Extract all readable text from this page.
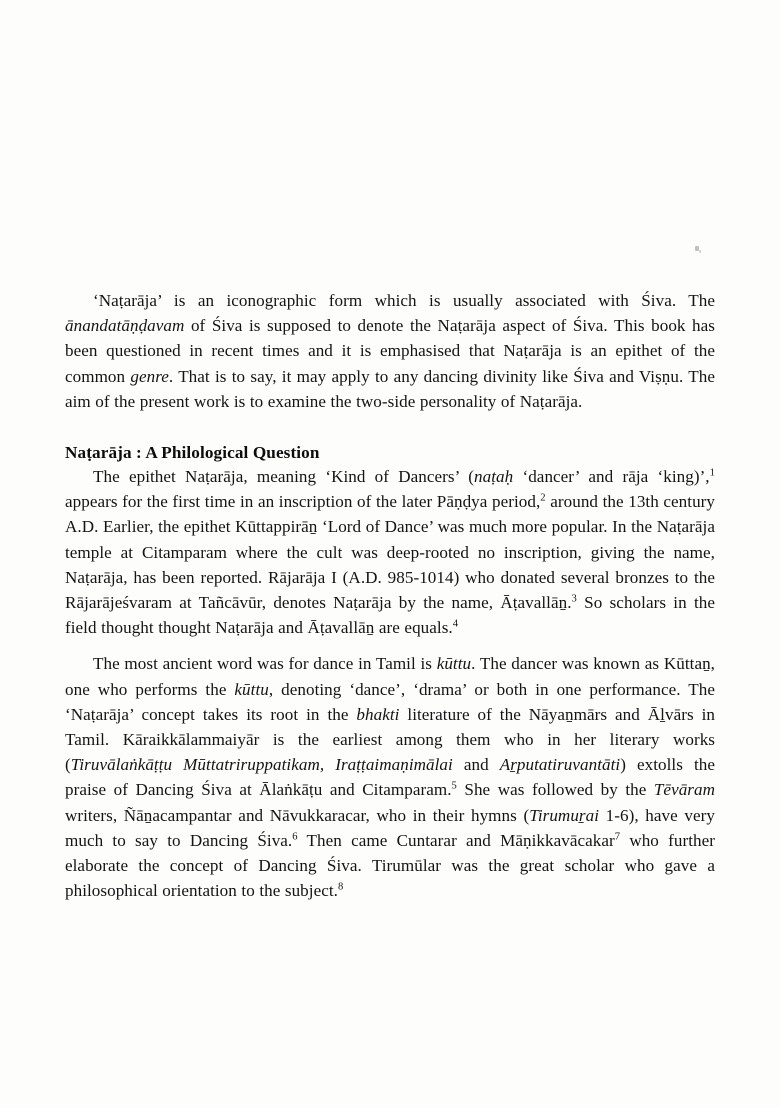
‘Naṭarāja’ is an iconographic form which is usually associated with Śiva. The ānandatāṇḍavam of Śiva is supposed to denote the Naṭarāja aspect of Śiva. This book has been questioned in recent times and it is emphasised that Naṭarāja is an epithet of the common genre. That is to say, it may apply to any dancing divinity like Śiva and Viṣṇu. The aim of the present work is to examine the two-side personality of Naṭarāja.

Naṭarāja : A Philological Question

The epithet Naṭarāja, meaning ‘Kind of Dancers’ (naṭaḥ ‘dancer’ and rāja ‘king)’,$^1$ appears for the first time in an inscription of the later Pāṇḍya period,$^2$ around the 13th century A.D. Earlier, the epithet Kūttappirāṉ ‘Lord of Dance’ was much more popular. In the Naṭarāja temple at Citamparam where the cult was deep-rooted no inscription, giving the name, Naṭarāja, has been reported. Rājarāja I (A.D. 985-1014) who donated several bronzes to the Rājarājeśvaram at Tañcāvūr, denotes Naṭarāja by the name, Āṭavallāṉ.$^3$ So scholars in the field thought thought Naṭarāja and Āṭavallāṉ are equals.$^4$

The most ancient word was for dance in Tamil is kūttu. The dancer was known as Kūttaṉ, one who performs the kūttu, denoting ‘dance’, ‘drama’ or both in one performance. The ‘Naṭarāja’ concept takes its root in the bhakti literature of the Nāyaṉmārs and Āḻvārs in Tamil. Kāraikkālammaiyār is the earliest among them who in her literary works (Tiruvālaṅkāṭṭu Mūttatriruppatikam, Iraṭṭaimaṇimālai and Aṟputatiruvantāti) extolls the praise of Dancing Śiva at Ālaṅkāṭu and Citamparam.$^5$ She was followed by the Tēvāram writers, Ñāṉacampantar and Nāvukkaracar, who in their hymns (Tirumuṟai 1-6), have very much to say to Dancing Śiva.$^6$ Then came Cuntarar and Māṇikkavācakar$^7$ who further elaborate the concept of Dancing Śiva. Tirumūlar was the great scholar who gave a philosophical orientation to the subject.$^8$
